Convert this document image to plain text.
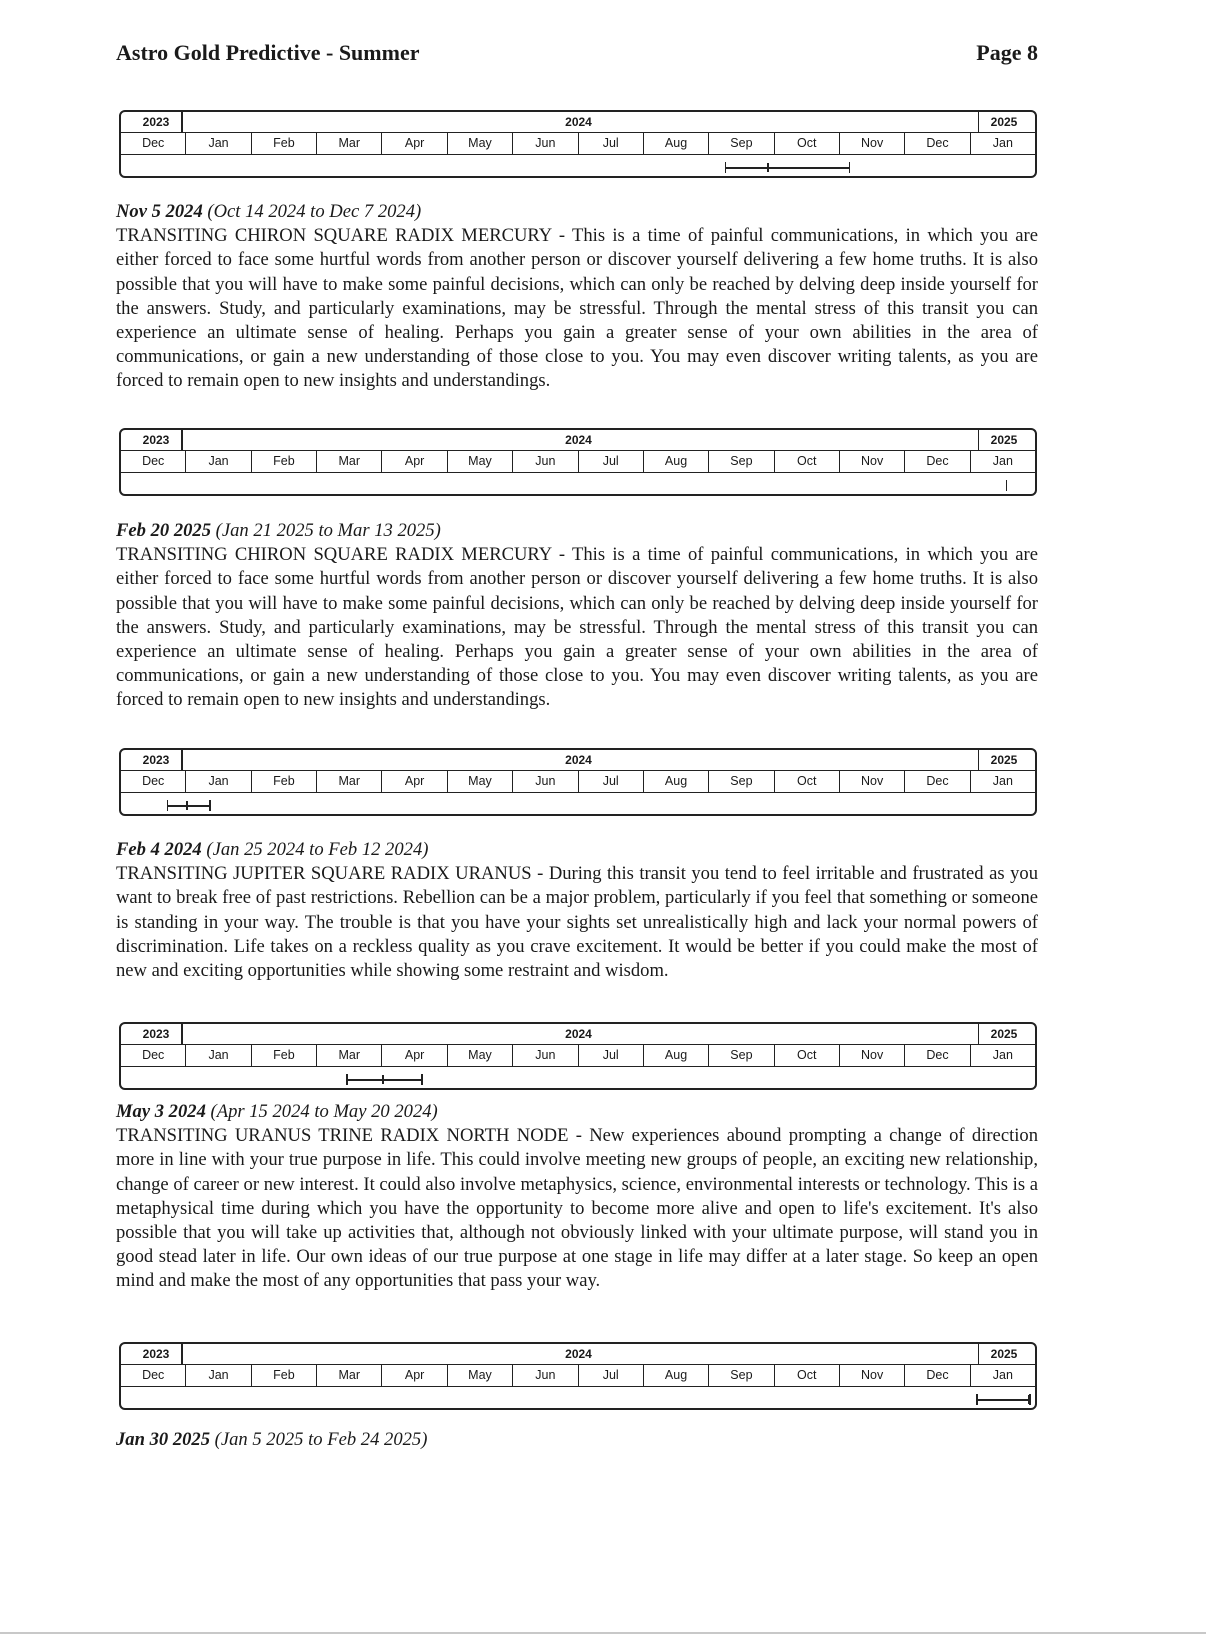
Astro Gold Predictive - Summer	Page 8
2023	2024	2025
Dec	Jan	Feb	Mar	Apr	May	Jun	Jul	Aug	Sep	Oct	Nov	Dec	Jan
Nov 5 2024 (Oct 14 2024 to Dec 7 2024)

TRANSITING CHIRON SQUARE RADIX MERCURY - This is a time of painful communications, in which you are either forced to face some hurtful words from another person or discover yourself delivering a few home truths. It is also possible that you will have to make some painful decisions, which can only be reached by delving deep inside yourself for the answers. Study, and particularly examinations, may be stressful. Through the mental stress of this transit you can experience an ultimate sense of healing. Perhaps you gain a greater sense of your own abilities in the area of communications, or gain a new understanding of those close to you. You may even discover writing talents, as you are forced to remain open to new insights and understandings.

2023	2024	2025
Dec	Jan	Feb	Mar	Apr	May	Jun	Jul	Aug	Sep	Oct	Nov	Dec	Jan
Feb 20 2025 (Jan 21 2025 to Mar 13 2025)

TRANSITING CHIRON SQUARE RADIX MERCURY - This is a time of painful communications, in which you are either forced to face some hurtful words from another person or discover yourself delivering a few home truths. It is also possible that you will have to make some painful decisions, which can only be reached by delving deep inside yourself for the answers. Study, and particularly examinations, may be stressful. Through the mental stress of this transit you can experience an ultimate sense of healing. Perhaps you gain a greater sense of your own abilities in the area of communications, or gain a new understanding of those close to you. You may even discover writing talents, as you are forced to remain open to new insights and understandings.

2023	2024	2025
Dec	Jan	Feb	Mar	Apr	May	Jun	Jul	Aug	Sep	Oct	Nov	Dec	Jan
Feb 4 2024 (Jan 25 2024 to Feb 12 2024)

TRANSITING JUPITER SQUARE RADIX URANUS - During this transit you tend to feel irritable and frustrated as you want to break free of past restrictions. Rebellion can be a major problem, particularly if you feel that something or someone is standing in your way. The trouble is that you have your sights set unrealistically high and lack your normal powers of discrimination. Life takes on a reckless quality as you crave excitement. It would be better if you could make the most of new and exciting opportunities while showing some restraint and wisdom.

2023	2024	2025
Dec	Jan	Feb	Mar	Apr	May	Jun	Jul	Aug	Sep	Oct	Nov	Dec	Jan
May 3 2024 (Apr 15 2024 to May 20 2024)

TRANSITING URANUS TRINE RADIX NORTH NODE - New experiences abound prompting a change of direction more in line with your true purpose in life. This could involve meeting new groups of people, an exciting new relationship, change of career or new interest. It could also involve metaphysics, science, environmental interests or technology. This is a metaphysical time during which you have the opportunity to become more alive and open to life's excitement. It's also possible that you will take up activities that, although not obviously linked with your ultimate purpose, will stand you in good stead later in life. Our own ideas of our true purpose at one stage in life may differ at a later stage. So keep an open mind and make the most of any opportunities that pass your way.

2023	2024	2025
Dec	Jan	Feb	Mar	Apr	May	Jun	Jul	Aug	Sep	Oct	Nov	Dec	Jan
Jan 30 2025 (Jan 5 2025 to Feb 24 2025)
